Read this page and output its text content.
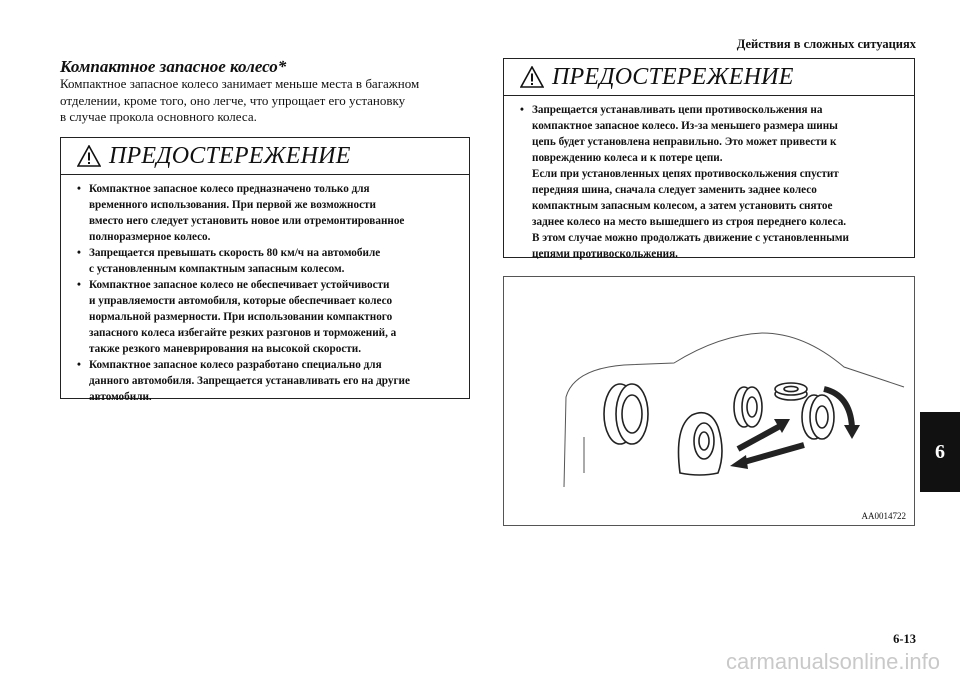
Действия в сложных ситуациях
Компактное запасное колесо*
Компактное запасное колесо занимает меньше места в багажном
отделении, кроме того, оно легче, что упрощает его установку
в случае прокола основного колеса.
ПРЕДОСТЕРЕЖЕНИЕ
• Компактное запасное колесо предназначено только для
временного использования. При первой же возможности
вместо него следует установить новое или отремонтированное
полноразмерное колесо.
• Запрещается превышать скорость 80 км/ч на автомобиле
с установленным компактным запасным колесом.
• Компактное запасное колесо не обеспечивает устойчивости
и управляемости автомобиля, которые обеспечивает колесо
нормальной размерности. При использовании компактного
запасного колеса избегайте резких разгонов и торможений, а
также резкого маневрирования на высокой скорости.
• Компактное запасное колесо разработано специально для
данного автомобиля. Запрещается устанавливать его на другие
автомобили.
ПРЕДОСТЕРЕЖЕНИЕ
• Запрещается устанавливать цепи противоскольжения на
компактное запасное колесо. Из-за меньшего размера шины
цепь будет установлена неправильно. Это может привести к
повреждению колеса и к потере цепи.
Если при установленных цепях противоскольжения спустит
передняя шина, сначала следует заменить заднее колесо
компактным запасным колесом, а затем установить снятое
заднее колесо на место вышедшего из строя переднего колеса.
В этом случае можно продолжать движение с установленными
цепями противоскольжения.
AA0014722
6
6-13
carmanualsonline.info
